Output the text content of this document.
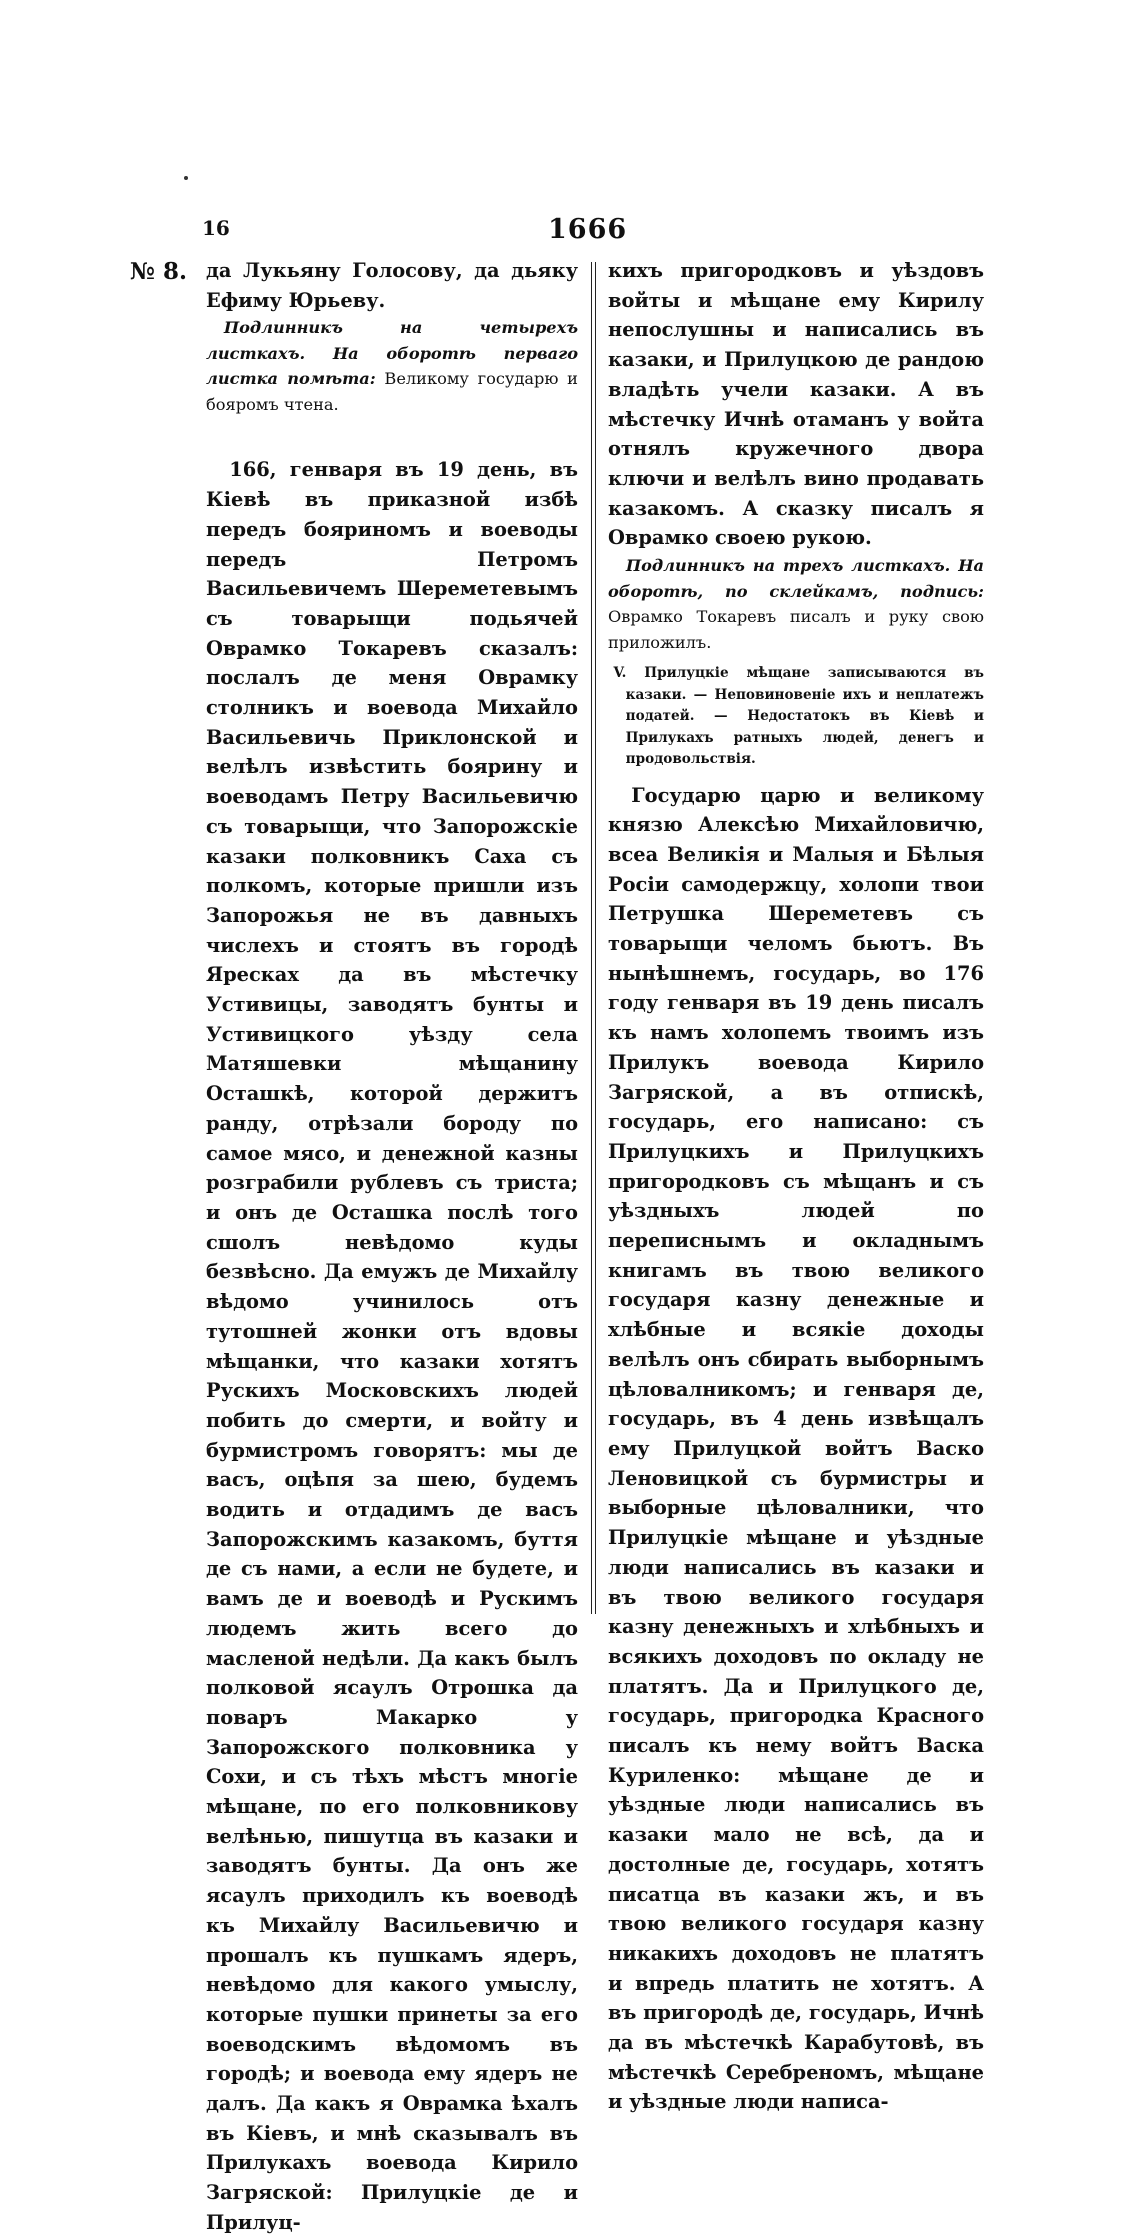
16	1666
№ 8. да Лукьяну Голосову, да дьяку Ефиму Юрьеву.

Подлинникъ на четырехъ листкахъ. На оборотѣ перваго листка помѣта: Великому государю и бояромъ чтена.

166, генваря въ 19 день, въ Кіевѣ въ приказной избѣ передъ бояриномъ и воеводы передъ Петромъ Васильевичемъ Шереметевымъ съ товарыщи подьячей Оврамко Токаревъ сказалъ: послалъ де меня Оврамку столникъ и воевода Михайло Васильевичь Приклонской и велѣлъ извѣстить боярину и воеводамъ Петру Васильевичю съ товарыщи, что Запорожскіе казаки полковникъ Саха съ полкомъ, которые пришли изъ Запорожья не въ давныхъ числехъ и стоятъ въ городѣ Яресках да въ мѣстечку Устивицы, заводятъ бунты и Устивицкого уѣзду села Матяшевки мѣщанину Осташкѣ, которой держитъ ранду, отрѣзали бороду по самое мясо, и денежной казны розграбили рублевъ съ триста; и онъ де Осташка послѣ того сшолъ невѣдомо куды безвѣсно. Да емужъ де Михайлу вѣдомо учинилось отъ тутошней жонки отъ вдовы мѣщанки, что казаки хотятъ Рускихъ Московскихъ людей побить до смерти, и войту и бурмистромъ говорятъ: мы де васъ, оцѣпя за шею, будемъ водить и отдадимъ де васъ Запорожскимъ казакомъ, буття де съ нами, а если не будете, и вамъ де и воеводѣ и Рускимъ людемъ жить всего до масленой недѣли. Да какъ былъ полковой ясаулъ Отрошка да поваръ Макарко у Запорожского полковника у Сохи, и съ тѣхъ мѣстъ многіе мѣщане, по его полковникову велѣнью, пишутца въ казаки и заводятъ бунты. Да онъ же ясаулъ приходилъ къ воеводѣ къ Михайлу Васильевичю и прошалъ къ пушкамъ ядеръ, невѣдомо для какого умыслу, которые пушки принеты за его воеводскимъ вѣдомомъ въ городѣ; и воевода ему ядеръ не далъ. Да какъ я Оврамка ѣхалъ въ Кіевъ, и мнѣ сказывалъ въ Прилукахъ воевода Кирило Загряской: Прилуцкіе де и Прилуц-

кихъ пригородковъ и уѣздовъ войты и мѣщане ему Кирилу непослушны и написались въ казаки, и Прилуцкою де рандою владѣть учели казаки. А въ мѣстечку Ичнѣ отаманъ у войта отнялъ кружечного двора ключи и велѣлъ вино продавать казакомъ. А сказку писалъ я Оврамко своею рукою.

Подлинникъ на трехъ листкахъ. На оборотѣ, по склейкамъ, подпись: Оврамко Токаревъ писалъ и руку свою приложилъ.

V. Прилуцкіе мѣщане записываются въ казаки. — Неповиновеніе ихъ и неплатежъ податей. — Недостатокъ въ Кіевѣ и Прилукахъ ратныхъ людей, денегъ и продовольствія.

Государю царю и великому князю Алексѣю Михайловичю, всеа Великія и Малыя и Бѣлыя Росіи самодержцу, холопи твои Петрушка Шереметевъ съ товарыщи челомъ бьютъ. Въ нынѣшнемъ, государь, во 176 году генваря въ 19 день писалъ къ намъ холопемъ твоимъ изъ Прилукъ воевода Кирило Загряской, а въ отпискѣ, государь, его написано: съ Прилуцкихъ и Прилуцкихъ пригородковъ съ мѣщанъ и съ уѣздныхъ людей по переписнымъ и окладнымъ книгамъ въ твою великого государя казну денежные и хлѣбные и всякіе доходы велѣлъ онъ сбирать выборнымъ цѣловалникомъ; и генваря де, государь, въ 4 день извѣщалъ ему Прилуцкой войтъ Васко Леновицкой съ бурмистры и выборные цѣловалники, что Прилуцкіе мѣщане и уѣздные люди написались въ казаки и въ твою великого государя казну денежныхъ и хлѣбныхъ и всякихъ доходовъ по окладу не платятъ. Да и Прилуцкого де, государь, пригородка Красного писалъ къ нему войтъ Васка Куриленко: мѣщане де и уѣздные люди написались въ казаки мало не всѣ, да и достолные де, государь, хотятъ писатца въ казаки жъ, и въ твою великого государя казну никакихъ доходовъ не платятъ и впредь платить не хотятъ. А въ пригородѣ де, государь, Ичнѣ да въ мѣстечкѣ Карабутовѣ, въ мѣстечкѣ Серебреномъ, мѣщане и уѣздные люди написа-
